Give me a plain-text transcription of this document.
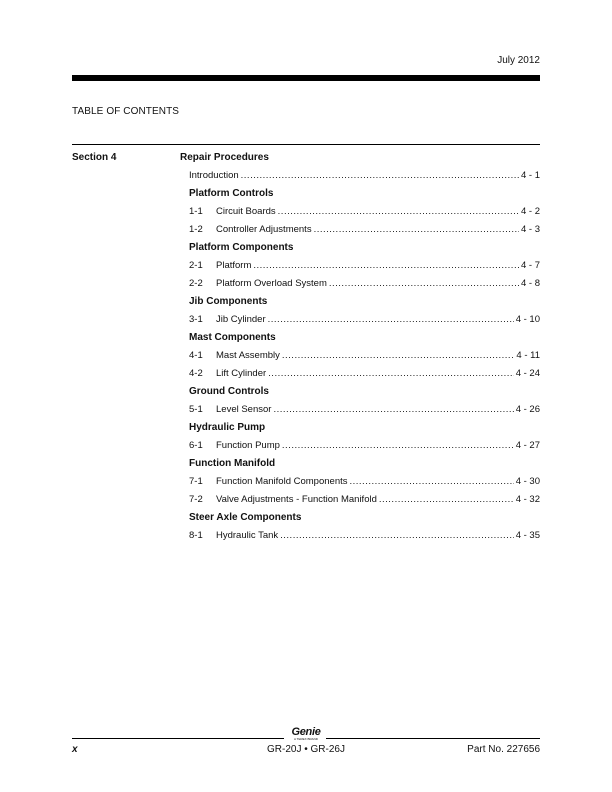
July 2012
TABLE OF CONTENTS
Section 4	Repair Procedures
Introduction .....	4 - 1
Platform Controls
1-1	Circuit Boards .....	4 - 2
1-2	Controller Adjustments .....	4 - 3
Platform Components
2-1	Platform .....	4 - 7
2-2	Platform Overload System .....	4 - 8
Jib Components
3-1	Jib Cylinder .....	4 - 10
Mast Components
4-1	Mast Assembly .....	4 - 11
4-2	Lift Cylinder .....	4 - 24
Ground Controls
5-1	Level Sensor .....	4 - 26
Hydraulic Pump
6-1	Function Pump .....	4 - 27
Function Manifold
7-1	Function Manifold Components .....	4 - 30
7-2	Valve Adjustments - Function Manifold .....	4 - 32
Steer Axle Components
8-1	Hydraulic Tank .....	4 - 35
Genie
A TEREX BRAND
x	GR-20J • GR-26J	Part No. 227656
